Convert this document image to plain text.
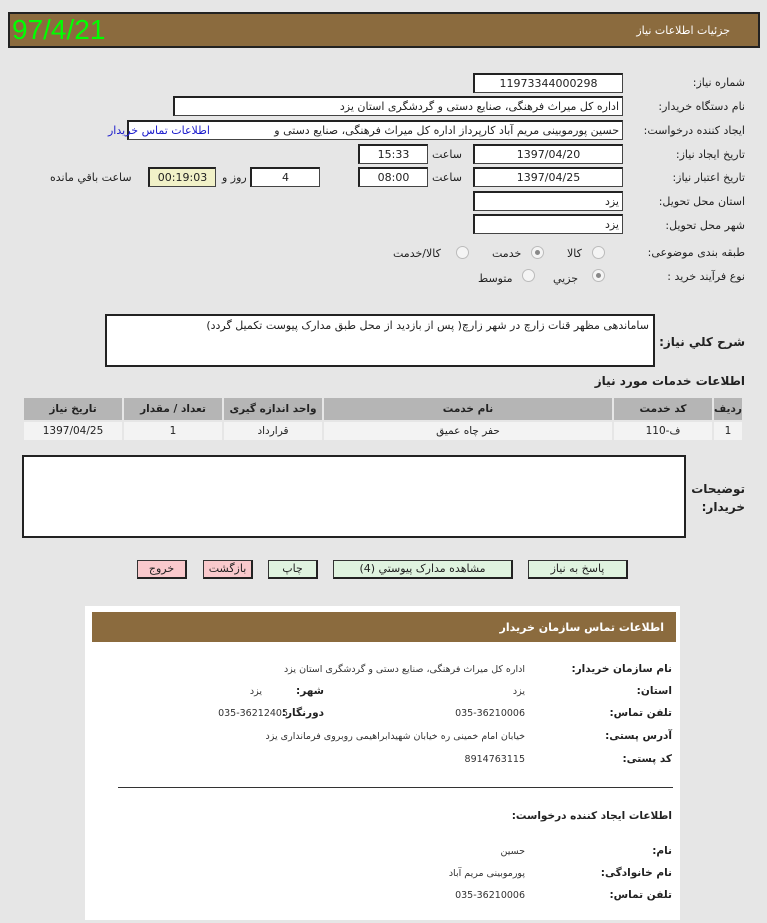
97/4/21	جزئیات اطلاعات نیاز
شماره نیاز:
11973344000298
نام دستگاه خریدار:
اداره کل میراث فرهنگی، صنایع دستی و گردشگری استان یزد
ایجاد کننده درخواست:
حسین پورموبینی مریم آباد کارپرداز اداره کل میراث فرهنگی، صنایع دستی و
اطلاعات تماس خریدار
تاریخ ایجاد نیاز:
1397/04/20
ساعت
15:33
تاریخ اعتبار نیاز:
1397/04/25
ساعت
08:00
4
روز و
00:19:03
ساعت باقي مانده
استان محل تحویل:
یزد
شهر محل تحویل:
یزد
طبقه بندی موضوعی:
کالا
خدمت
کالا/خدمت
نوع فرآیند خرید :
جزیي
متوسط
ساماندهی مظهر قنات زارچ در شهر زارچ( پس از بازدید از محل طبق مدارک پیوست تکمیل گردد)
شرح كلي نياز:
اطلاعات خدمات مورد نياز
ردیف	کد خدمت	نام خدمت	واحد اندازه گیری	تعداد / مقدار	تاریخ نیاز
1	ف-110	حفر چاه عمیق	قرارداد	1	1397/04/25
توضیحات
خریدار:
پاسخ به نیاز
مشاهده مدارک پیوستي (4)
چاپ
بازگشت
خروج
اطلاعات تماس سازمان خریدار
نام سازمان خریدار:
اداره کل میراث فرهنگی، صنایع دستی و گردشگری استان یزد
استان:
یزد
شهر:
یزد
تلفن تماس:
035-36210006
دورنگار:
035-36212405
آدرس پستی:
خیابان امام خمینی ره خیابان شهیدابراهیمی روبروی فرمانداری یزد
کد پستی:
8914763115
اطلاعات ایجاد کننده درخواست:
نام:
حسین
نام خانوادگی:
پورموبینی مریم آباد
تلفن تماس:
035-36210006
